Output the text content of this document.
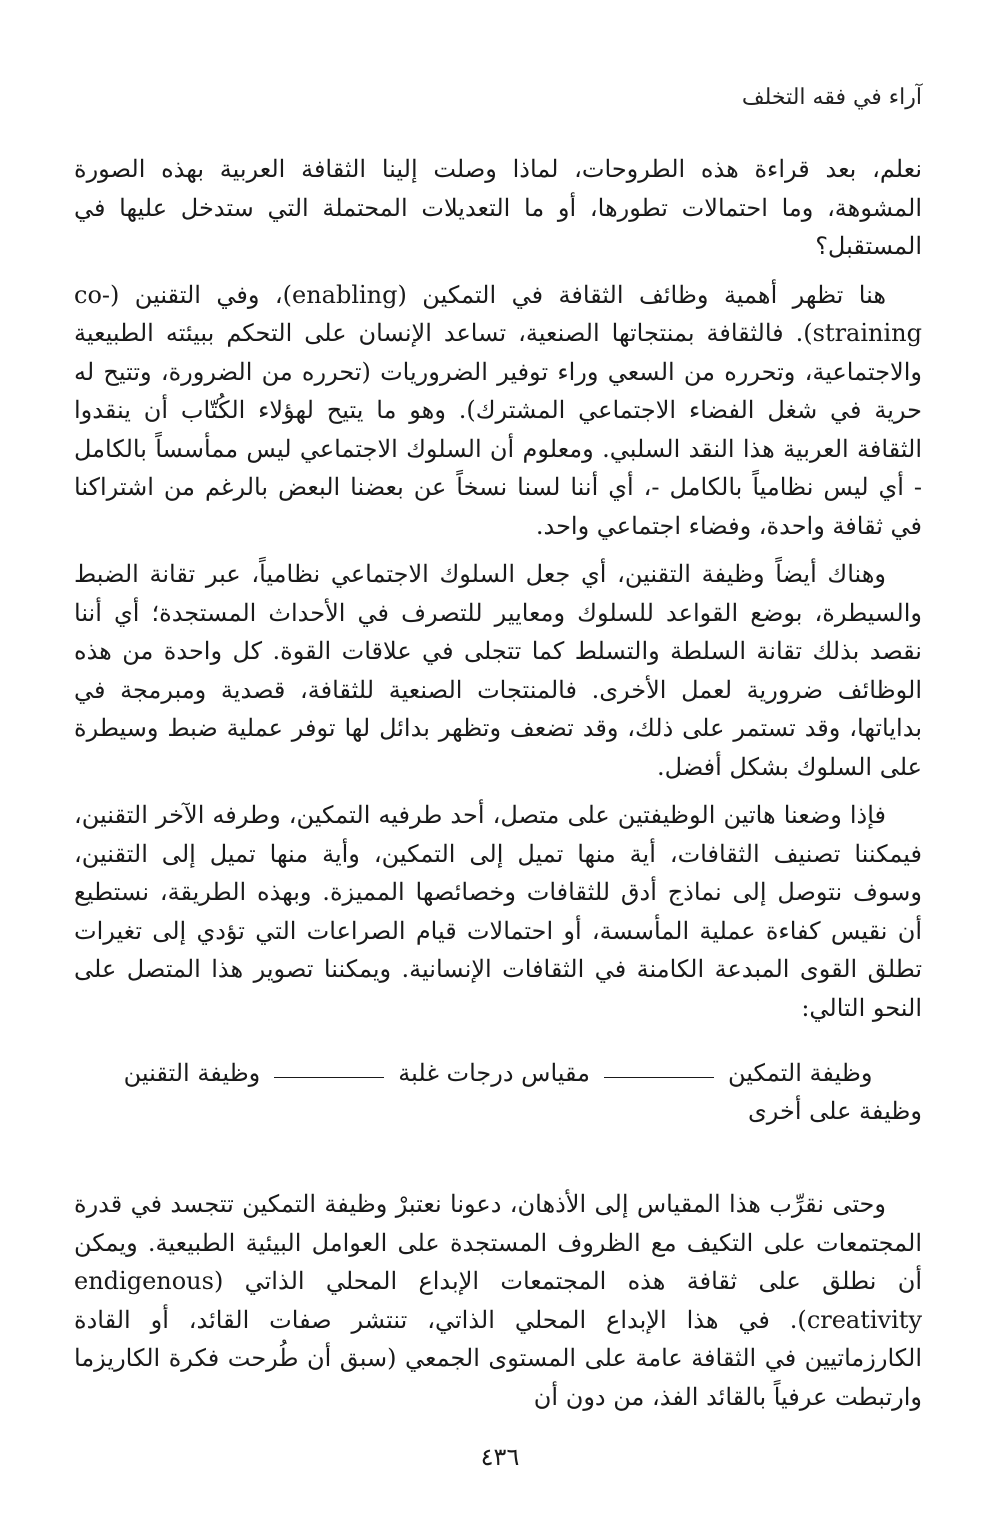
آراء في فقه التخلف

نعلم، بعد قراءة هذه الطروحات، لماذا وصلت إلينا الثقافة العربية بهذه الصورة المشوهة، وما احتمالات تطورها، أو ما التعديلات المحتملة التي ستدخل عليها في المستقبل؟

هنا تظهر أهمية وظائف الثقافة في التمكين (enabling)، وفي التقنين (co-straining). فالثقافة بمنتجاتها الصنعية، تساعد الإنسان على التحكم ببيئته الطبيعية والاجتماعية، وتحرره من السعي وراء توفير الضروريات (تحرره من الضرورة، وتتيح له حرية في شغل الفضاء الاجتماعي المشترك). وهو ما يتيح لهؤلاء الكُتّاب أن ينقدوا الثقافة العربية هذا النقد السلبي. ومعلوم أن السلوك الاجتماعي ليس ممأسساً بالكامل - أي ليس نظامياً بالكامل -، أي أننا لسنا نسخاً عن بعضنا البعض بالرغم من اشتراكنا في ثقافة واحدة، وفضاء اجتماعي واحد.

وهناك أيضاً وظيفة التقنين، أي جعل السلوك الاجتماعي نظامياً، عبر تقانة الضبط والسيطرة، بوضع القواعد للسلوك ومعايير للتصرف في الأحداث المستجدة؛ أي أننا نقصد بذلك تقانة السلطة والتسلط كما تتجلى في علاقات القوة. كل واحدة من هذه الوظائف ضرورية لعمل الأخرى. فالمنتجات الصنعية للثقافة، قصدية ومبرمجة في بداياتها، وقد تستمر على ذلك، وقد تضعف وتظهر بدائل لها توفر عملية ضبط وسيطرة على السلوك بشكل أفضل.

فإذا وضعنا هاتين الوظيفتين على متصل، أحد طرفيه التمكين، وطرفه الآخر التقنين، فيمكننا تصنيف الثقافات، أية منها تميل إلى التمكين، وأية منها تميل إلى التقنين، وسوف نتوصل إلى نماذج أدق للثقافات وخصائصها المميزة. وبهذه الطريقة، نستطيع أن نقيس كفاءة عملية المأسسة، أو احتمالات قيام الصراعات التي تؤدي إلى تغيرات تطلق القوى المبدعة الكامنة في الثقافات الإنسانية. ويمكننا تصوير هذا المتصل على النحو التالي:

وظيفة التمكين
مقياس درجات غلبة
وظيفة التقنين
وظيفة على أخرى

وحتى نقرِّب هذا المقياس إلى الأذهان، دعونا نعتبرْ وظيفة التمكين تتجسد في قدرة المجتمعات على التكيف مع الظروف المستجدة على العوامل البيئية الطبيعية. ويمكن أن نطلق على ثقافة هذه المجتمعات الإبداع المحلي الذاتي (endigenous creativity). في هذا الإبداع المحلي الذاتي، تنتشر صفات القائد، أو القادة الكارزماتيين في الثقافة عامة على المستوى الجمعي (سبق أن طُرحت فكرة الكاريزما وارتبطت عرفياً بالقائد الفذ، من دون أن

٤٣٦
